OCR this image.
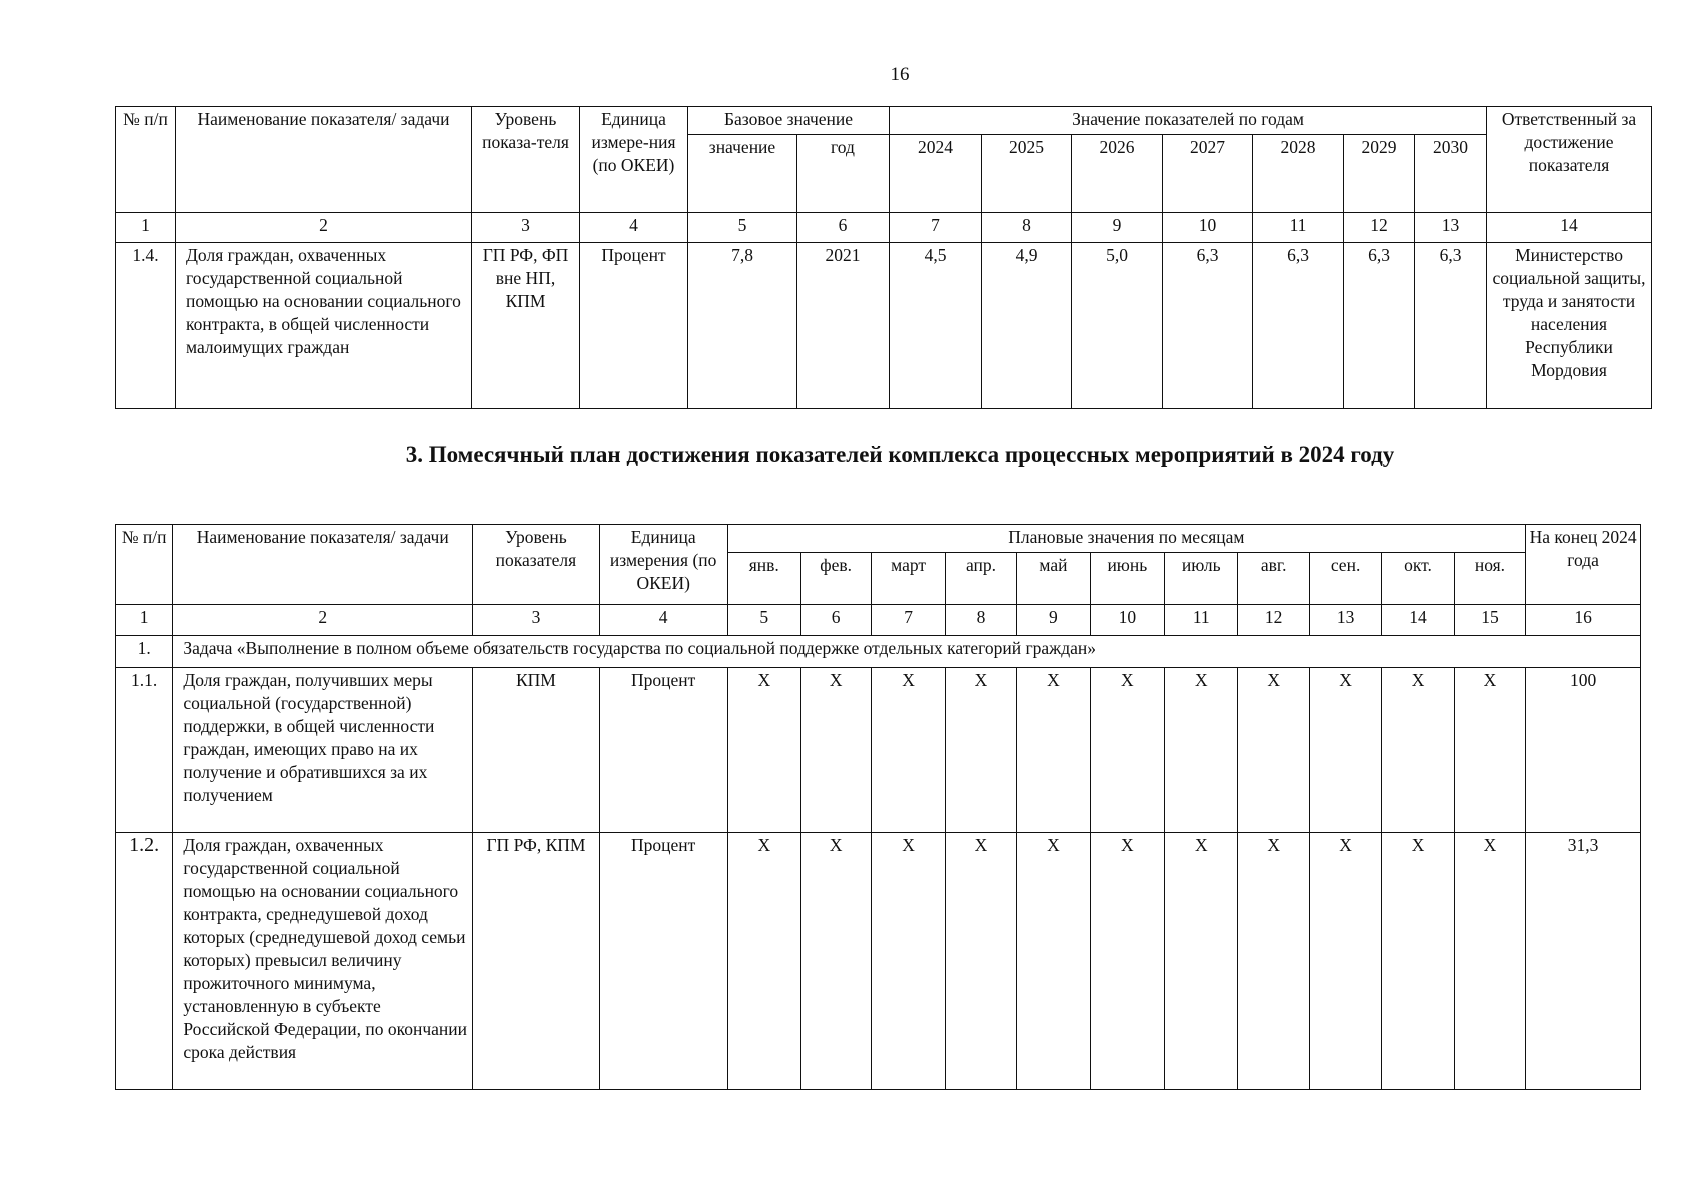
16
№ п/п	Наименование показателя/ задачи	Уровень показа-теля	Единица измере-ния (по ОКЕИ)	Базовое значение		Значение показателей по годам							Ответственный за достижение показателя
				значение	год	2024	2025	2026	2027	2028	2029	2030	
1	2	3	4	5	6	7	8	9	10	11	12	13	14
1.4.	Доля граждан, охваченных государственной социальной помощью на основании социального контракта, в общей численности малоимущих граждан	ГП РФ, ФП вне НП, КПМ	Процент	7,8	2021	4,5	4,9	5,0	6,3	6,3	6,3	6,3	Министерство социальной защиты, труда и занятости населения Республики Мордовия
3. Помесячный план достижения показателей комплекса процессных мероприятий в 2024 году
№ п/п	Наименование показателя/ задачи	Уровень показателя	Единица измерения (по ОКЕИ)	Плановые значения по месяцам											На конец 2024 года
				янв.	фев.	март	апр.	май	июнь	июль	авг.	сен.	окт.	ноя.	
1	2	3	4	5	6	7	8	9	10	11	12	13	14	15	16
1.	Задача «Выполнение в полном объеме обязательств государства по социальной поддержке отдельных категорий граждан»														
1.1.	Доля граждан, получивших меры социальной (государственной) поддержки, в общей численности граждан, имеющих право на их получение и обратившихся за их получением	КПМ	Процент	X	X	X	X	X	X	X	X	X	X	X	100
1.2.	Доля граждан, охваченных государственной социальной помощью на основании социального контракта, среднедушевой доход которых (среднедушевой доход семьи которых) превысил величину прожиточного минимума, установленную в субъекте Российской Федерации, по окончании срока действия	ГП РФ, КПМ	Процент	X	X	X	X	X	X	X	X	X	X	X	31,3
